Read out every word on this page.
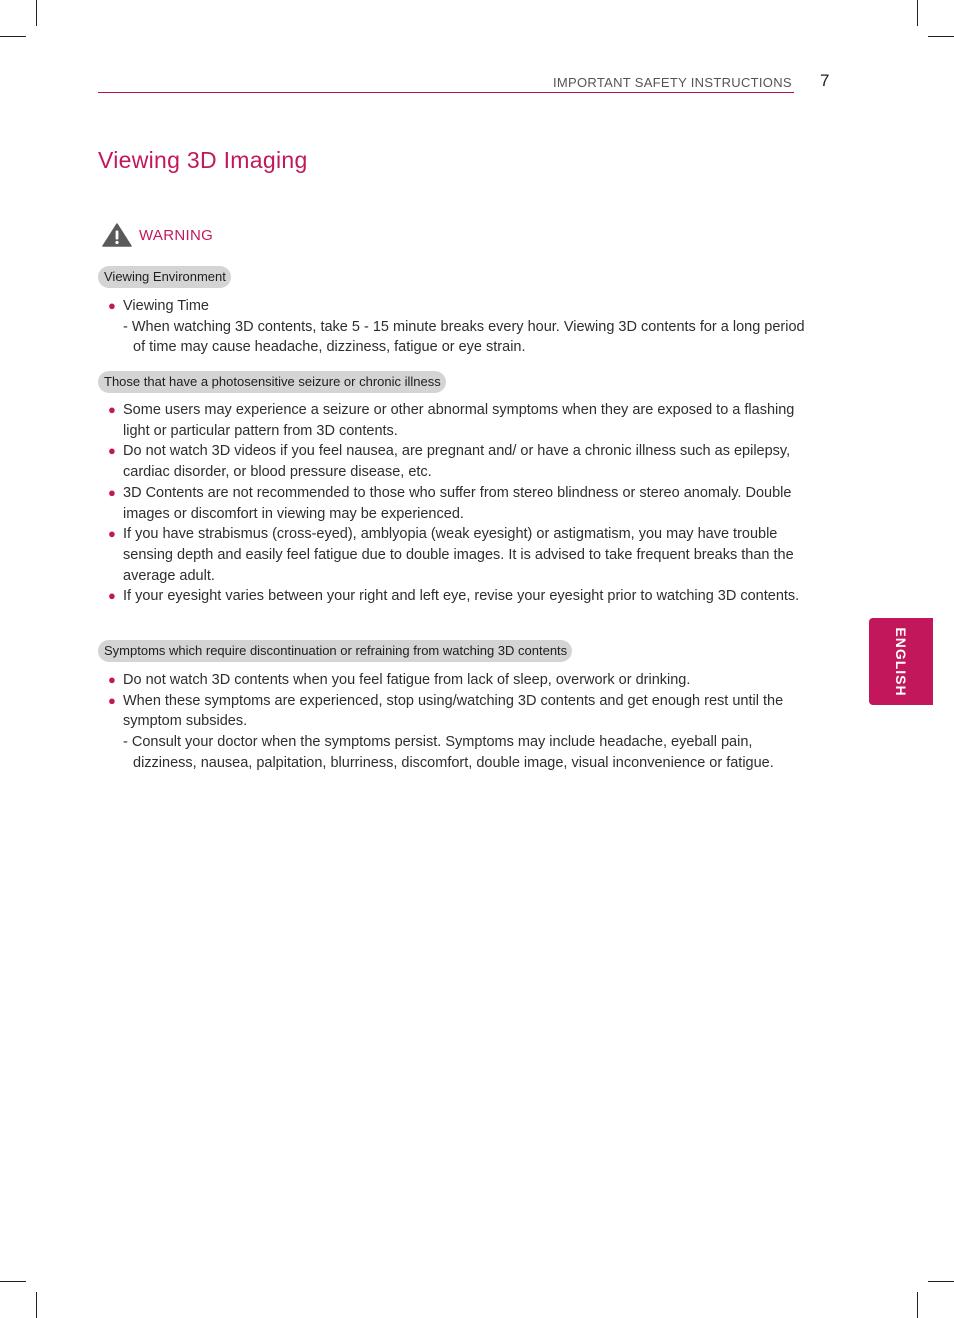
IMPORTANT SAFETY INSTRUCTIONS 7
Viewing 3D Imaging
WARNING
Viewing Environment
● Viewing Time
- When watching 3D contents, take 5 - 15 minute breaks every hour. Viewing 3D contents for a long period of time may cause headache, dizziness, fatigue or eye strain.
Those that have a photosensitive seizure or chronic illness
● Some users may experience a seizure or other abnormal symptoms when they are exposed to a flashing light or particular pattern from 3D contents.
● Do not watch 3D videos if you feel nausea, are pregnant and/ or have a chronic illness such as epilepsy, cardiac disorder, or blood pressure disease, etc.
● 3D Contents are not recommended to those who suffer from stereo blindness or stereo anomaly. Double images or discomfort in viewing may be experienced.
● If you have strabismus (cross-eyed), amblyopia (weak eyesight) or astigmatism, you may have trouble sensing depth and easily feel fatigue due to double images. It is advised to take frequent breaks than the average adult.
● If your eyesight varies between your right and left eye, revise your eyesight prior to watching 3D contents.
Symptoms which require discontinuation or refraining from watching 3D contents
● Do not watch 3D contents when you feel fatigue from lack of sleep, overwork or drinking.
● When these symptoms are experienced, stop using/watching 3D contents and get enough rest until the symptom subsides.
- Consult your doctor when the symptoms persist. Symptoms may include headache, eyeball pain, dizziness, nausea, palpitation, blurriness, discomfort, double image, visual inconvenience or fatigue.
ENGLISH
